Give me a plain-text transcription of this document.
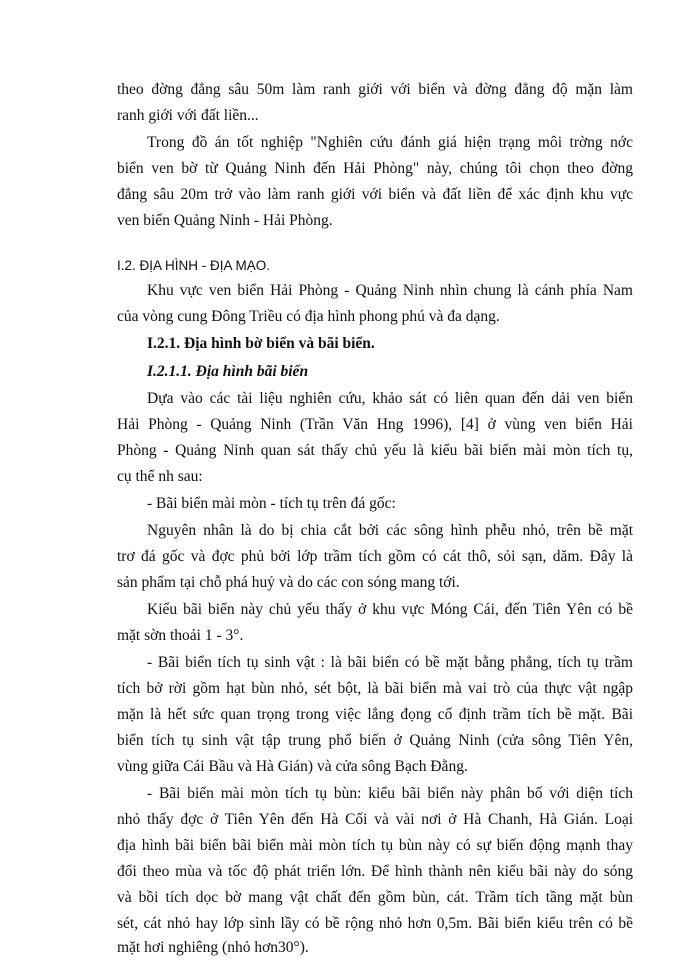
theo đờng đẳng sâu 50m làm ranh giới với biển và đờng đẳng độ mặn làm
ranh giới với đất liền...
Trong đồ án tốt nghiệp "Nghiên cứu đánh giá hiện trạng môi trờng nớc
biển ven bờ từ Quảng Ninh đến Hải Phòng" này, chúng tôi chọn theo đờng
đẳng sâu 20m trở vào làm ranh giới với biển và đất liền để xác định khu vực
ven biển Quảng Ninh - Hải Phòng.
I.2. ĐỊA HÌNH - ĐỊA MẠO.
Khu vực ven biển Hải Phòng - Quảng Ninh nhìn chung là cánh phía Nam
của vòng cung Đông Triều có địa hình phong phú và đa dạng.
I.2.1. Địa hình bờ biển và bãi biển.
I.2.1.1. Địa hình bãi biển
Dựa vào các tài liệu nghiên cứu, khảo sát có liên quan đến dải ven biển
Hải Phòng - Quảng Ninh (Trần Văn Hng 1996), [4] ở vùng ven biển Hải
Phòng - Quảng Ninh quan sát thấy chủ yếu là kiểu bãi biển mài mòn tích tụ,
cụ thể nh sau:
- Bãi biển mài mòn - tích tụ trên đá gốc:
Nguyên nhân là do bị chia cắt bởi các sông hình phễu nhỏ, trên bề mặt
trơ đá gốc và đợc phủ bởi lớp trầm tích gồm có cát thô, sỏi sạn, dăm. Đây là
sản phẩm tại chỗ phá huỷ và do các con sóng mang tới.
Kiểu bãi biển này chủ yếu thấy ở khu vực Móng Cái, đến Tiên Yên có bề
mặt sờn thoải 1 - 3°.
- Bãi biển tích tụ sinh vật : là bãi biển có bề mặt bằng phẳng, tích tụ trầm
tích bở rời gồm hạt bùn nhỏ, sét bột, là bãi biển mà vai trò của thực vật ngập
mặn là hết sức quan trọng trong việc lắng đọng cố định trầm tích bề mặt. Bãi
biển tích tụ sinh vật tập trung phổ biến ở Quảng Ninh (cửa sông Tiên Yên,
vùng giữa Cái Bầu và Hà Gián) và cửa sông Bạch Đằng.
- Bãi biển mài mòn tích tụ bùn: kiểu bãi biển này phân bố với diện tích
nhỏ thấy đợc ở Tiên Yên đến Hà Cối và vài nơi ở Hà Chanh, Hà Gián. Loại
địa hình bãi biển bãi biển mài mòn tích tụ bùn này có sự biến động mạnh thay
đổi theo mùa và tốc độ phát triển lớn. Để hình thành nên kiểu bãi này do sóng
và bồi tích dọc bờ mang vật chất đến gồm bùn, cát. Trầm tích tầng mặt bùn
sét, cát nhỏ hay lớp sình lầy có bề rộng nhỏ hơn 0,5m. Bãi biển kiểu trên có bề
mặt hơi nghiêng (nhỏ hơn30°).
